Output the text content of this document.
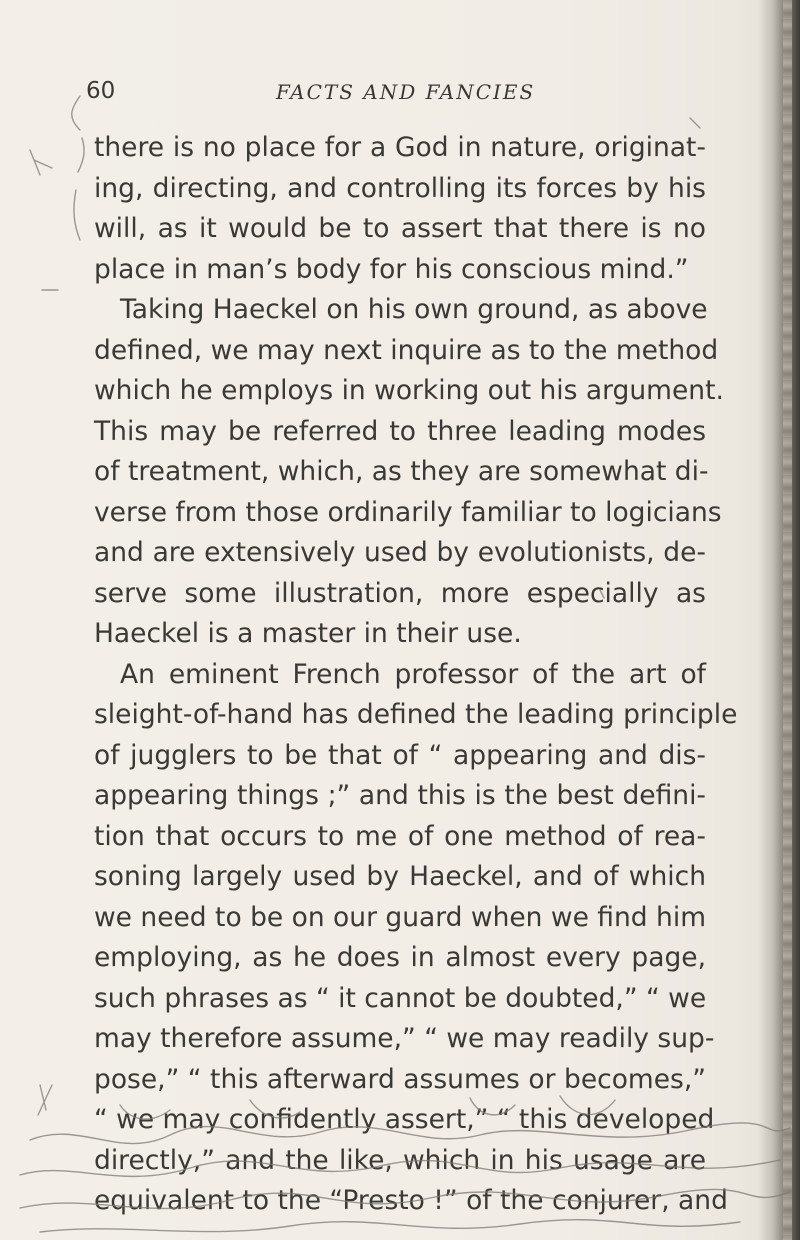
60	FACTS AND FANCIES
there is no place for a God in nature, originat-
ing, directing, and controlling its forces by his
will, as it would be to assert that there is no
place in man’s body for his conscious mind.”
Taking Haeckel on his own ground, as above
defined, we may next inquire as to the method
which he employs in working out his argument.
This may be referred to three leading modes
of treatment, which, as they are somewhat di-
verse from those ordinarily familiar to logicians
and are extensively used by evolutionists, de-
serve some illustration, more especially as
Haeckel is a master in their use.
An eminent French professor of the art of
sleight-of-hand has defined the leading principle
of jugglers to be that of “ appearing and dis-
appearing things ;” and this is the best defini-
tion that occurs to me of one method of rea-
soning largely used by Haeckel, and of which
we need to be on our guard when we find him
employing, as he does in almost every page,
such phrases as “ it cannot be doubted,” “ we
may therefore assume,” “ we may readily sup-
pose,” “ this afterward assumes or becomes,”
“ we may confidently assert,” “ this developed
directly,” and the like, which in his usage are
equivalent to the “Presto !” of the conjurer, and
